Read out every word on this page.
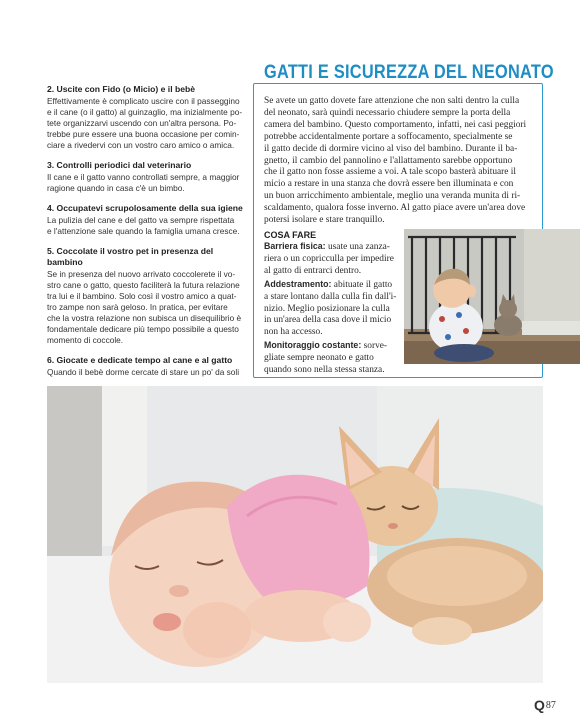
2. Uscite con Fido (o Micio) e il bebè

Effettivamente è complicato uscire con il passeggino
e il cane (o il gatto) al guinzaglio, ma inizialmente po-
tete organizzarvi uscendo con un'altra persona. Po-
trebbe pure essere una buona occasione per comin-
ciare a rivedervi con un vostro caro amico o amica.

3. Controlli periodici dal veterinario

Il cane e il gatto vanno controllati sempre, a maggior
ragione quando in casa c'è un bimbo.

4. Occupatevi scrupolosamente della sua igiene

La pulizia del cane e del gatto va sempre rispettata
e l'attenzione sale quando la famiglia umana cresce.

5. Coccolate il vostro pet in presenza del bambino

Se in presenza del nuovo arrivato coccolerete il vo-
stro cane o gatto, questo faciliterà la futura relazione
tra lui e il bambino. Solo così il vostro amico a quat-
tro zampe non sarà geloso. In pratica, per evitare
che la vostra relazione non subisca un disequilibrio è
fondamentale dedicare più tempo possibile a questo
momento di coccole.

6. Giocate e dedicate tempo al cane e al gatto

Quando il bebè dorme cercate di stare un po' da soli

GATTI E SICUREZZA DEL NEONATO

Se avete un gatto dovete fare attenzione che non salti dentro la culla
del neonato, sarà quindi necessario chiudere sempre la porta della
camera del bambino. Questo comportamento, infatti, nei casi peggiori
potrebbe accidentalmente portare a soffocamento, specialmente se
il gatto decide di dormire vicino al viso del bambino. Durante il ba-
gnetto, il cambio del pannolino e l'allattamento sarebbe opportuno
che il gatto non fosse assieme a voi. A tale scopo basterà abituare il
micio a restare in una stanza che dovrà essere ben illuminata e con
un buon arricchimento ambientale, meglio una veranda munita di ri-
scaldamento, qualora fosse inverno. Al gatto piace avere un'area dove
potersi isolare e stare tranquillo.

COSA FARE

Barriera fisica: usate una zanza-
riera o un copricculla per impedire
al gatto di entrarci dentro.

Addestramento: abituate il gatto
a stare lontano dalla culla fin dall'i-
nizio. Meglio posizionare la culla
in un'area della casa dove il micio
non ha accesso.

Monitoraggio costante: sorve-
gliate sempre neonato e gatto
quando sono nella stessa stanza.

Q 87
